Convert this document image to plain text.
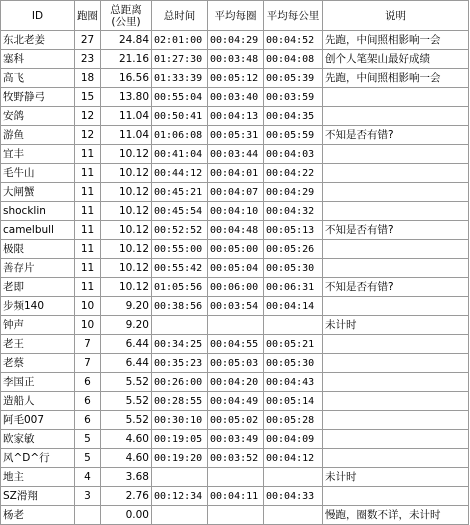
ID	跑圈	总距离(公里)	总时间	平均每圈	平均每公里	说明
东北老姜	27	24.84	02:01:00	00:04:29	00:04:52	先跑，中间照相影响一会
塞科	23	21.16	01:27:30	00:03:48	00:04:08	创个人笔架山最好成绩
高飞	18	16.56	01:33:39	00:05:12	00:05:39	先跑，中间照相影响一会
牧野静弓	15	13.80	00:55:04	00:03:40	00:03:59	
安鸽	12	11.04	00:50:41	00:04:13	00:04:35	
游鱼	12	11.04	01:06:08	00:05:31	00:05:59	不知是否有错?
宜丰	11	10.12	00:41:04	00:03:44	00:04:03	
毛牛山	11	10.12	00:44:12	00:04:01	00:04:22	
大闸蟹	11	10.12	00:45:21	00:04:07	00:04:29	
shocklin	11	10.12	00:45:54	00:04:10	00:04:32	
camelbull	11	10.12	00:52:52	00:04:48	00:05:13	不知是否有错?
极限	11	10.12	00:55:00	00:05:00	00:05:26	
善存片	11	10.12	00:55:42	00:05:04	00:05:30	
老即	11	10.12	01:05:56	00:06:00	00:06:31	不知是否有错?
步频140	10	9.20	00:38:56	00:03:54	00:04:14	
钟声	10	9.20				未计时
老王	7	6.44	00:34:25	00:04:55	00:05:21	
老蔡	7	6.44	00:35:23	00:05:03	00:05:30	
李国正	6	5.52	00:26:00	00:04:20	00:04:43	
造船人	6	5.52	00:28:55	00:04:49	00:05:14	
阿毛007	6	5.52	00:30:10	00:05:02	00:05:28	
欧家敏	5	4.60	00:19:05	00:03:49	00:04:09	
风^D^行	5	4.60	00:19:20	00:03:52	00:04:12	
地主	4	3.68				未计时
SZ滑翔	3	2.76	00:12:34	00:04:11	00:04:33	
杨老		0.00				慢跑，圈数不详，未计时
